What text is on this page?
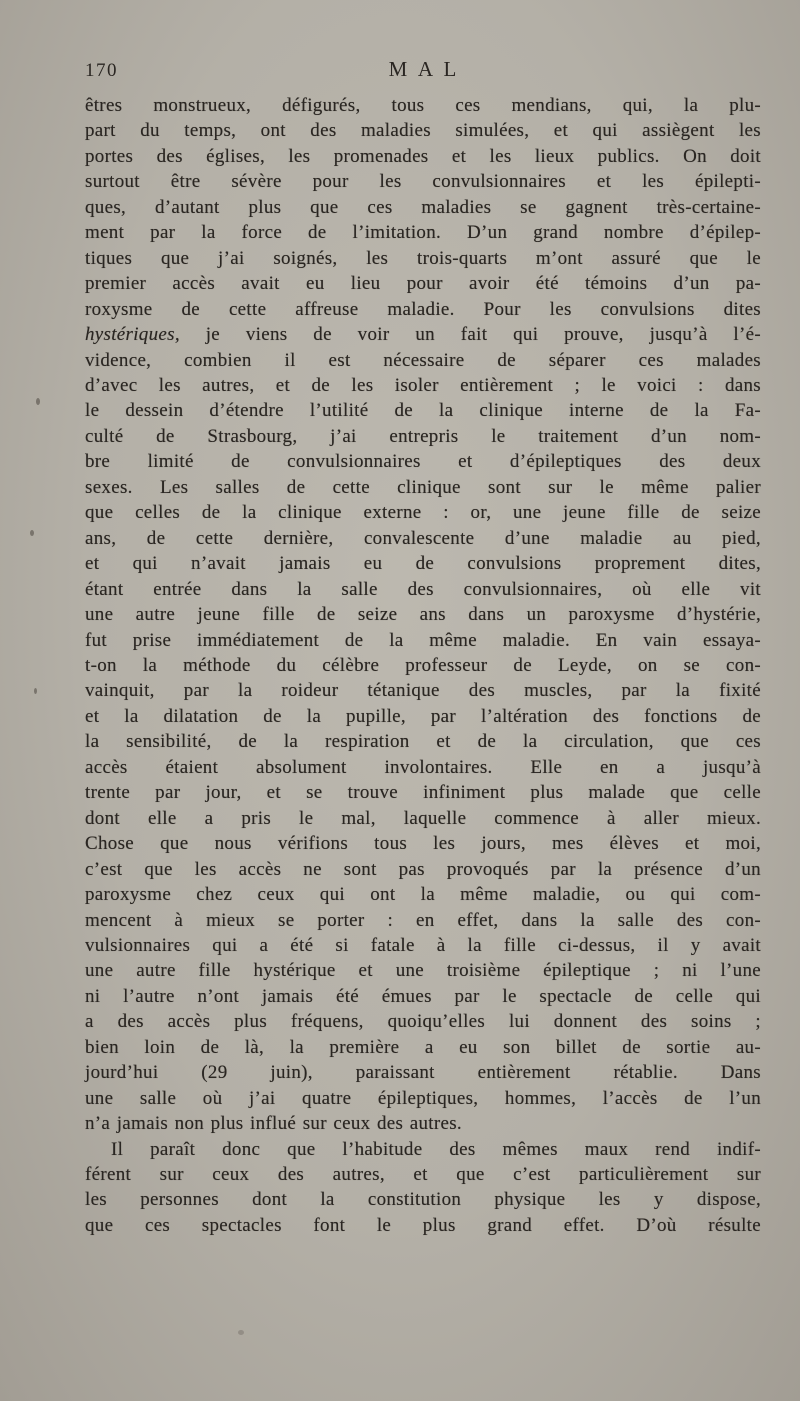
170	MAL
êtres monstrueux, défigurés, tous ces mendians, qui, la plu-
part du temps, ont des maladies simulées, et qui assiègent les
portes des églises, les promenades et les lieux publics. On doit
surtout être sévère pour les convulsionnaires et les épilepti-
ques, d’autant plus que ces maladies se gagnent très-certaine-
ment par la force de l’imitation. D’un grand nombre d’épilep-
tiques que j’ai soignés, les trois-quarts m’ont assuré que le
premier accès avait eu lieu pour avoir été témoins d’un pa-
roxysme de cette affreuse maladie. Pour les convulsions dites
hystériques, je viens de voir un fait qui prouve, jusqu’à l’é-
vidence, combien il est nécessaire de séparer ces malades
d’avec les autres, et de les isoler entièrement ; le voici : dans
le dessein d’étendre l’utilité de la clinique interne de la Fa-
culté de Strasbourg, j’ai entrepris le traitement d’un nom-
bre limité de convulsionnaires et d’épileptiques des deux
sexes. Les salles de cette clinique sont sur le même palier
que celles de la clinique externe : or, une jeune fille de seize
ans, de cette dernière, convalescente d’une maladie au pied,
et qui n’avait jamais eu de convulsions proprement dites,
étant entrée dans la salle des convulsionnaires, où elle vit
une autre jeune fille de seize ans dans un paroxysme d’hystérie,
fut prise immédiatement de la même maladie. En vain essaya-
t-on la méthode du célèbre professeur de Leyde, on se con-
vainquit, par la roideur tétanique des muscles, par la fixité
et la dilatation de la pupille, par l’altération des fonctions de
la sensibilité, de la respiration et de la circulation, que ces
accès étaient absolument involontaires. Elle en a jusqu’à
trente par jour, et se trouve infiniment plus malade que celle
dont elle a pris le mal, laquelle commence à aller mieux.
Chose que nous vérifions tous les jours, mes élèves et moi,
c’est que les accès ne sont pas provoqués par la présence d’un
paroxysme chez ceux qui ont la même maladie, ou qui com-
mencent à mieux se porter : en effet, dans la salle des con-
vulsionnaires qui a été si fatale à la fille ci-dessus, il y avait
une autre fille hystérique et une troisième épileptique ; ni l’une
ni l’autre n’ont jamais été émues par le spectacle de celle qui
a des accès plus fréquens, quoiqu’elles lui donnent des soins ;
bien loin de là, la première a eu son billet de sortie au-
jourd’hui (29 juin), paraissant entièrement rétablie. Dans
une salle où j’ai quatre épileptiques, hommes, l’accès de l’un
n’a jamais non plus influé sur ceux des autres.
Il paraît donc que l’habitude des mêmes maux rend indif-
férent sur ceux des autres, et que c’est particulièrement sur
les personnes dont la constitution physique les y dispose,
que ces spectacles font le plus grand effet. D’où résulte
